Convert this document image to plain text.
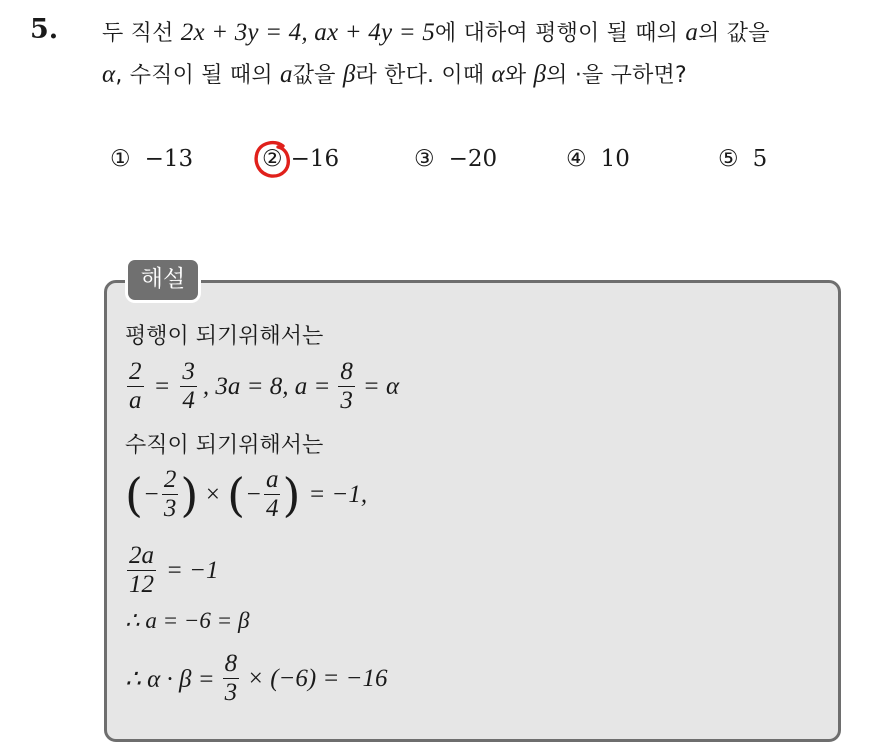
5. 두 직선 2x + 3y = 4, ax + 4y = 5에 대하여 평행이 될 때의 a의 값을
α, 수직이 될 때의 a값을 β라 한다. 이때 α와 β의 ·을 구하면?
① −13	② −16	③ −20	④ 10	⑤ 5
해설
평행이 되기위해서는
$\frac{2}{a} = \frac{3}{4}$ , 3a = 8, $a = \frac{8}{3} = \alpha$
수직이 되기위해서는
( − $\frac{2}{3}$ ) × ( − $\frac{a}{4}$ ) = −1,
$\frac{2a}{12} = -1$
∴ a = −6 = β
∴ $\alpha \cdot \beta = \frac{8}{3} \times (-6) = -16$
